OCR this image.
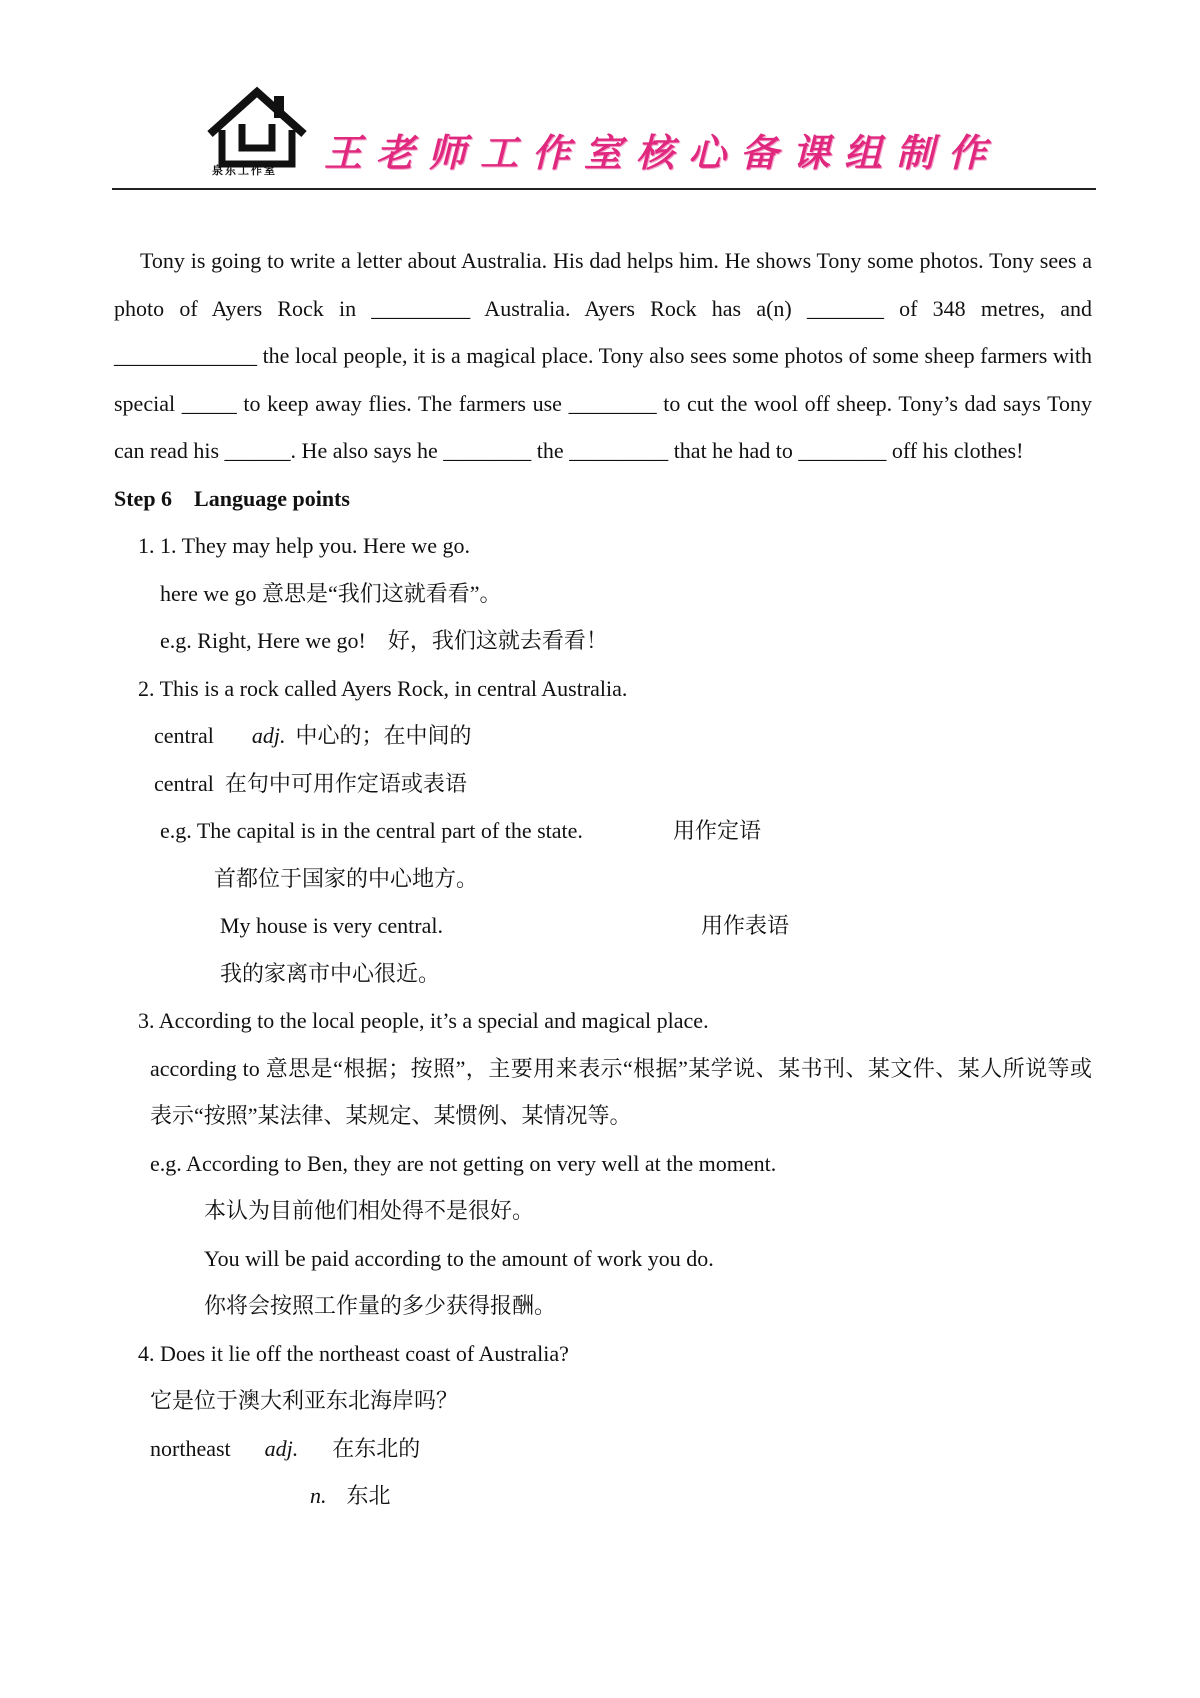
泉东工作室 王老师工作室核心备课组制作
Tony is going to write a letter about Australia. His dad helps him. He shows Tony some photos. Tony sees a photo of Ayers Rock in _________ Australia. Ayers Rock has a(n) _______ of 348 metres, and _____________ the local people, it is a magical place. Tony also sees some photos of some sheep farmers with special _____ to keep away flies. The farmers use ________ to cut the wool off sheep. Tony’s dad says Tony can read his ______. He also says he ________ the _________ that he had to ________ off his clothes!

Step 6    Language points

1. 1. They may help you. Here we go.

here we go 意思是“我们这就看看”。

e.g. Right, Here we go!    好，我们这就去看看！

2. This is a rock called Ayers Rock, in central Australia.

central adj. 中心的；在中间的

central  在句中可用作定语或表语

e.g. The capital is in the central part of the state.	用作定语

首都位于国家的中心地方。

My house is very central.	用作表语

我的家离市中心很近。

3. According to the local people, it’s a special and magical place.

according to 意思是“根据；按照”，主要用来表示“根据”某学说、某书刊、某文件、某人所说等或表示“按照”某法律、某规定、某惯例、某情况等。

e.g. According to Ben, they are not getting on very well at the moment.

本认为目前他们相处得不是很好。

You will be paid according to the amount of work you do.

你将会按照工作量的多少获得报酬。

4. Does it lie off the northeast coast of Australia?

它是位于澳大利亚东北海岸吗？

northeast adj. 在东北的

n. 东北
